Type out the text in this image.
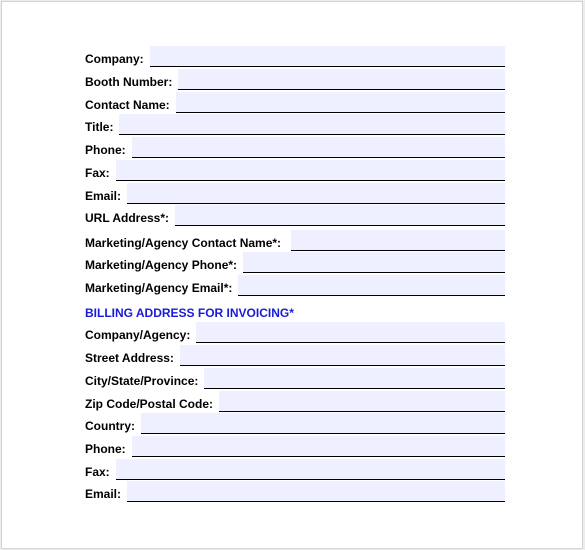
Company:
Booth Number:
Contact Name:
Title:
Phone:
Fax:
Email:
URL Address*:
Marketing/Agency Contact Name*:
Marketing/Agency Phone*:
Marketing/Agency Email*:
BILLING ADDRESS FOR INVOICING*
Company/Agency:
Street Address:
City/State/Province:
Zip Code/Postal Code:
Country:
Phone:
Fax:
Email:
